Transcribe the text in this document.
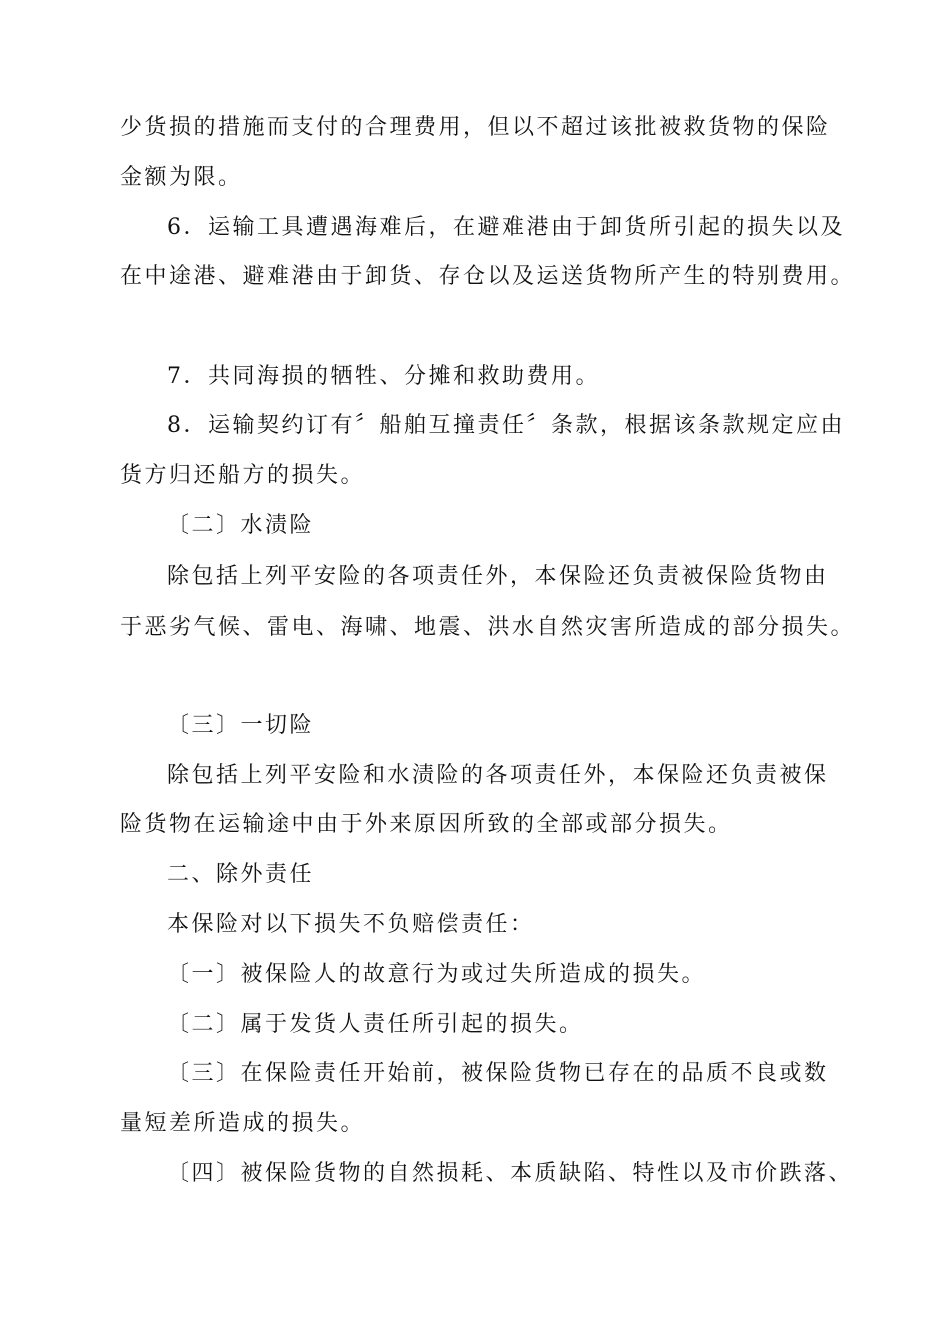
少货损的措施而支付的合理费用，但以不超过该批被救货物的保险
金额为限。
6．运输工具遭遇海难后，在避难港由于卸货所引起的损失以及
在中途港、避难港由于卸货、存仓以及运送货物所产生的特别费用。
7．共同海损的牺牲、分摊和救助费用。
8．运输契约订有〞船舶互撞责任〞条款，根据该条款规定应由
货方归还船方的损失。
〔二〕水渍险
除包括上列平安险的各项责任外，本保险还负责被保险货物由
于恶劣气候、雷电、海啸、地震、洪水自然灾害所造成的部分损失。
〔三〕一切险
除包括上列平安险和水渍险的各项责任外，本保险还负责被保
险货物在运输途中由于外来原因所致的全部或部分损失。
二、除外责任
本保险对以下损失不负赔偿责任：
〔一〕被保险人的故意行为或过失所造成的损失。
〔二〕属于发货人责任所引起的损失。
〔三〕在保险责任开始前，被保险货物已存在的品质不良或数
量短差所造成的损失。
〔四〕被保险货物的自然损耗、本质缺陷、特性以及市价跌落、
